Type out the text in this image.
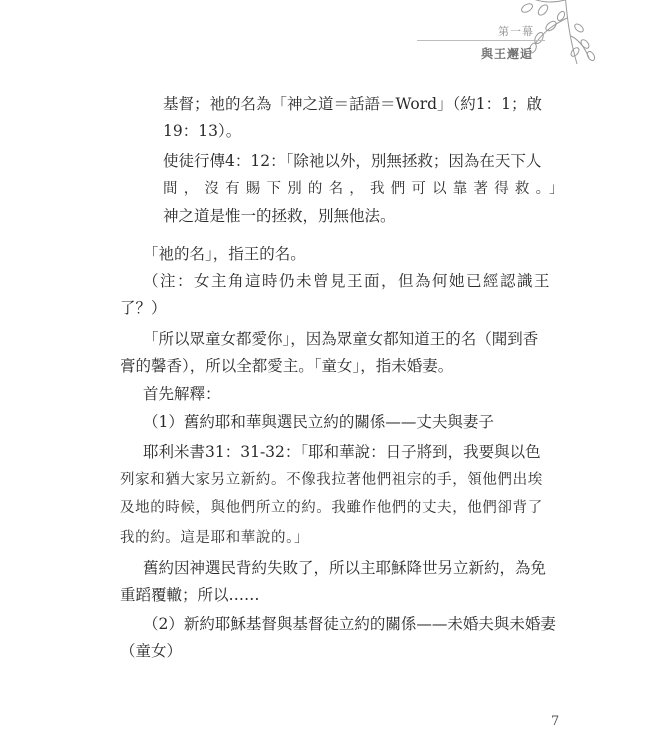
第一幕
與王邂逅
基督；祂的名為「神之道＝話語＝Word」（約1：1；啟
19：13）。
使徒行傳4：12：「除祂以外，別無拯救；因為在天下人
間，沒有賜下別的名，我們可以靠著得救。」
神之道是惟一的拯救，別無他法。
「祂的名」，指王的名。
（注：女主角這時仍未曾見王面，但為何她已經認識王
了？）
「所以眾童女都愛你」，因為眾童女都知道王的名（聞到香
膏的馨香），所以全都愛主。「童女」，指未婚妻。
首先解釋：
（1）舊約耶和華與選民立約的關係——丈夫與妻子
耶利米書31：31-32：「耶和華說：日子將到，我要與以色
列家和猶大家另立新約。不像我拉著他們祖宗的手，領他們出埃
及地的時候，與他們所立的約。我雖作他們的丈夫，他們卻背了
我的約。這是耶和華說的。」
舊約因神選民背約失敗了，所以主耶穌降世另立新約，為免
重蹈覆轍；所以……
（2）新約耶穌基督與基督徒立約的關係——未婚夫與未婚妻
（童女）
7
